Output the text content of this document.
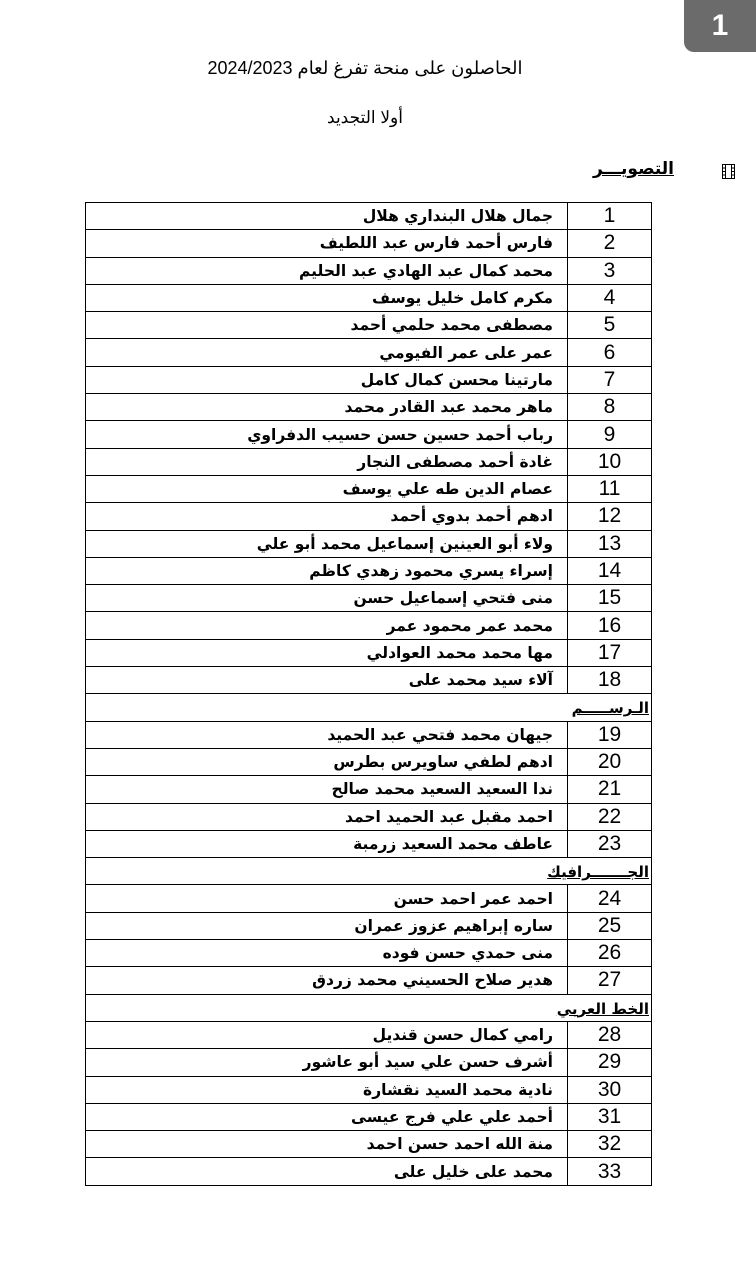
1
الحاصلون على منحة تفرغ لعام 2024/2023
أولا التجديد
التصويـــر
جمال هلال البنداري هلال	1
فارس أحمد فارس عبد اللطيف	2
محمد كمال عبد الهادي عبد الحليم	3
مكرم كامل خليل يوسف	4
مصطفى محمد حلمي أحمد	5
عمر على عمر الفيومي	6
مارتينا محسن كمال كامل	7
ماهر محمد عبد القادر محمد	8
رباب أحمد حسين حسن حسيب الدفراوي	9
غادة أحمد مصطفى النجار	10
عصام الدين طه علي يوسف	11
ادهم أحمد بدوي أحمد	12
ولاء أبو العينين إسماعيل محمد أبو علي	13
إسراء يسري محمود زهدي كاظم	14
منى فتحي إسماعيل حسن	15
محمد عمر محمود عمر	16
مها محمد محمد العوادلي	17
آلاء سيد محمد على	18
الـرســـــم	
جيهان محمد فتحي عبد الحميد	19
ادهم لطفي ساويرس بطرس	20
ندا السعيد السعيد محمد صالح	21
احمد مقبل عبد الحميد احمد	22
عاطف محمد السعيد زرمبة	23
الجـــــــرافيك	
احمد عمر احمد حسن	24
ساره إبراهيم عزوز عمران	25
منى حمدي حسن فوده	26
هدير صلاح الحسيني محمد زردق	27
الخط العربي	
رامي كمال حسن قنديل	28
أشرف حسن علي سيد أبو عاشور	29
نادية محمد السيد نقشارة	30
أحمد علي علي فرج عيسى	31
منة الله احمد حسن احمد	32
محمد على خليل على	33
